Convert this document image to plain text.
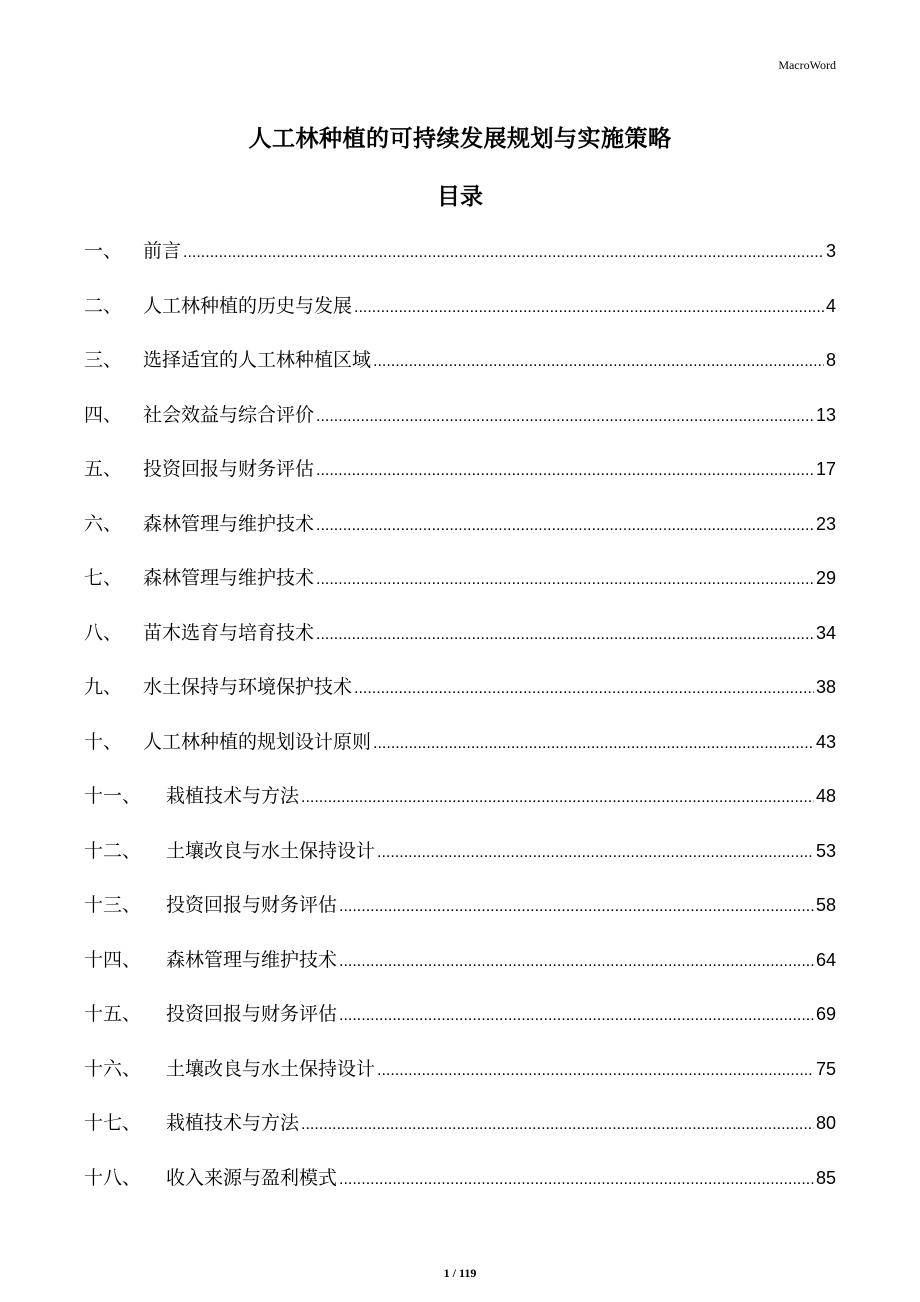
MacroWord
人工林种植的可持续发展规划与实施策略
目录
一、	前言 .....	3
二、	人工林种植的历史与发展 .....	4
三、	选择适宜的人工林种植区域 .....	8
四、	社会效益与综合评价 .....	13
五、	投资回报与财务评估 .....	17
六、	森林管理与维护技术 .....	23
七、	森林管理与维护技术 .....	29
八、	苗木选育与培育技术 .....	34
九、	水土保持与环境保护技术 .....	38
十、	人工林种植的规划设计原则 .....	43
十一、	栽植技术与方法 .....	48
十二、	土壤改良与水土保持设计 .....	53
十三、	投资回报与财务评估 .....	58
十四、	森林管理与维护技术 .....	64
十五、	投资回报与财务评估 .....	69
十六、	土壤改良与水土保持设计 .....	75
十七、	栽植技术与方法 .....	80
十八、	收入来源与盈利模式 .....	85
1 / 119
